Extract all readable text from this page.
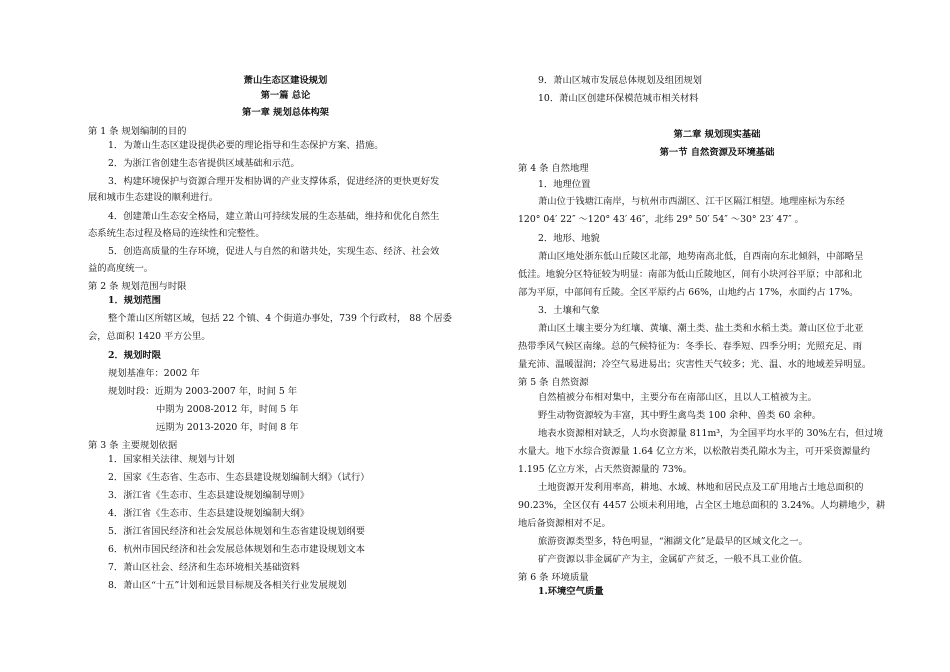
萧山生态区建设规划
第一篇 总论
第一章 规划总体构架
第 1 条 规划编制的目的
1．为萧山生态区建设提供必要的理论指导和生态保护方案、措施。
2．为浙江省创建生态省提供区域基础和示范。
3．构建环境保护与资源合理开发相协调的产业支撑体系，促进经济的更快更好发
展和城市生态建设的顺利进行。
4．创建萧山生态安全格局，建立萧山可持续发展的生态基础，维持和优化自然生
态系统生态过程及格局的连续性和完整性。
5．创造高质量的生存环境，促进人与自然的和谐共处，实现生态、经济、社会效
益的高度统一。
第 2 条 规划范围与时限
1．规划范围
整个萧山区所辖区域，包括 22 个镇、4 个街道办事处，739 个行政村， 88 个居委
会，总面积 1420 平方公里。
2．规划时限
规划基准年：2002 年
规划时段：近期为 2003-2007 年，时间 5 年
中期为 2008-2012 年，时间 5 年
远期为 2013-2020 年，时间 8 年
第 3 条 主要规划依据
1．国家相关法律、规划与计划
2．国家《生态省、生态市、生态县建设规划编制大纲》（试行）
3．浙江省《生态市、生态县建设规划编制导则》
4．浙江省《生态市、生态县建设规划编制大纲》
5．浙江省国民经济和社会发展总体规划和生态省建设规划纲要
6．杭州市国民经济和社会发展总体规划和生态市建设规划文本
7．萧山区社会、经济和生态环境相关基础资料
8．萧山区“十五”计划和远景目标规及各相关行业发展规划
9．萧山区城市发展总体规划及组团规划
10．萧山区创建环保模范城市相关材料
第二章 规划现实基础
第一节 自然资源及环境基础
第 4 条 自然地理
1．地理位置
萧山位于钱塘江南岸，与杭州市西湖区、江干区隔江相望。地理座标为东经
120° 04′ 22″ ～120° 43′ 46″，北纬 29° 50′ 54″ ～30° 23′ 47″ 。
2．地形、地貌
萧山区地处浙东低山丘陵区北部，地势南高北低，自西南向东北倾斜，中部略呈
低洼。地貌分区特征较为明显：南部为低山丘陵地区，间有小块河谷平原；中部和北
部为平原，中部间有丘陵。全区平原约占 66%，山地约占 17%，水面约占 17%。
3．土壤和气象
萧山区土壤主要分为红壤、黄壤、潮土类、盐土类和水稻土类。萧山区位于北亚
热带季风气候区南缘。总的气候特征为：冬季长、春季短、四季分明；光照充足、雨
量充沛、温暖湿润；冷空气易进易出；灾害性天气较多；光、温、水的地域差异明显。
第 5 条 自然资源
自然植被分布相对集中，主要分布在南部山区，且以人工植被为主。
野生动物资源较为丰富，其中野生禽鸟类 100 余种、兽类 60 余种。
地表水资源相对缺乏，人均水资源量 811m³，为全国平均水平的 30%左右，但过境
水量大。地下水综合资源量 1.64 亿立方米，以松散岩类孔隙水为主，可开采资源量约
1.195 亿立方米，占天然资源量的 73%。
土地资源开发利用率高，耕地、水域、林地和居民点及工矿用地占土地总面积的
90.23%，全区仅有 4457 公顷未利用地，占全区土地总面积的 3.24%。人均耕地少，耕
地后备资源相对不足。
旅游资源类型多，特色明显，“湘湖文化”是最早的区域文化之一。
矿产资源以非金属矿产为主，金属矿产贫乏，一般不具工业价值。
第 6 条 环境质量
1.环境空气质量
